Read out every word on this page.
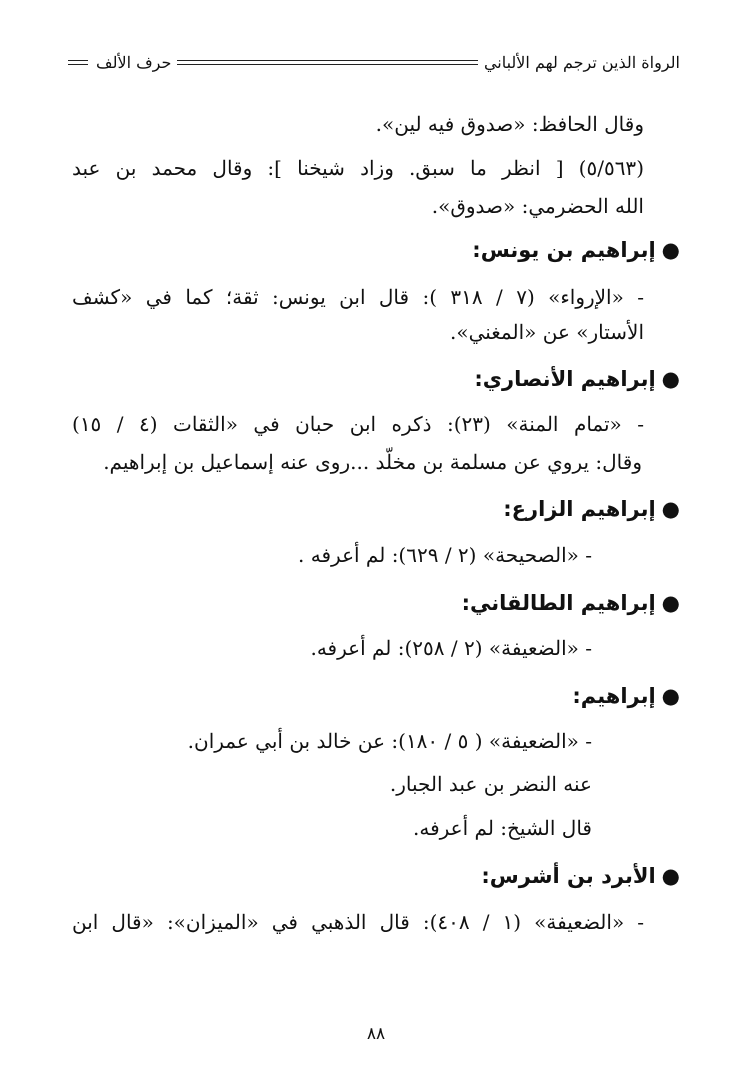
الرواة الذين ترجم لهم الألباني
حرف الألف
وقال الحافظ: «صدوق فيه لين».
(٥/٥٦٣) [ انظر ما سبق. وزاد شيخنا ]: وقال محمد بن عبد
الله الحضرمي: «صدوق».
●إبراهيم بن يونس:
- «الإرواء» (٧ / ٣١٨ ): قال ابن يونس: ثقة؛ كما في «كشف
الأستار» عن «المغني».
●إبراهيم الأنصاري:
- «تمام المنة» (٢٣): ذكره ابن حبان في «الثقات (٤ / ١٥)
وقال: يروي عن مسلمة بن مخلّد ...روى عنه إسماعيل بن إبراهيم.
●إبراهيم الزارع:
- «الصحيحة» (٢ / ٦٢٩): لم أعرفه .
●إبراهيم الطالقاني:
- «الضعيفة» (٢ / ٢٥٨): لم أعرفه.
●إبراهيم:
- «الضعيفة» ( ٥ / ١٨٠): عن خالد بن أبي عمران.
عنه النضر بن عبد الجبار.
قال الشيخ: لم أعرفه.
●الأبرد بن أشرس:
- «الضعيفة» (١ / ٤٠٨): قال الذهبي في «الميزان»: «قال ابن
٨٨
